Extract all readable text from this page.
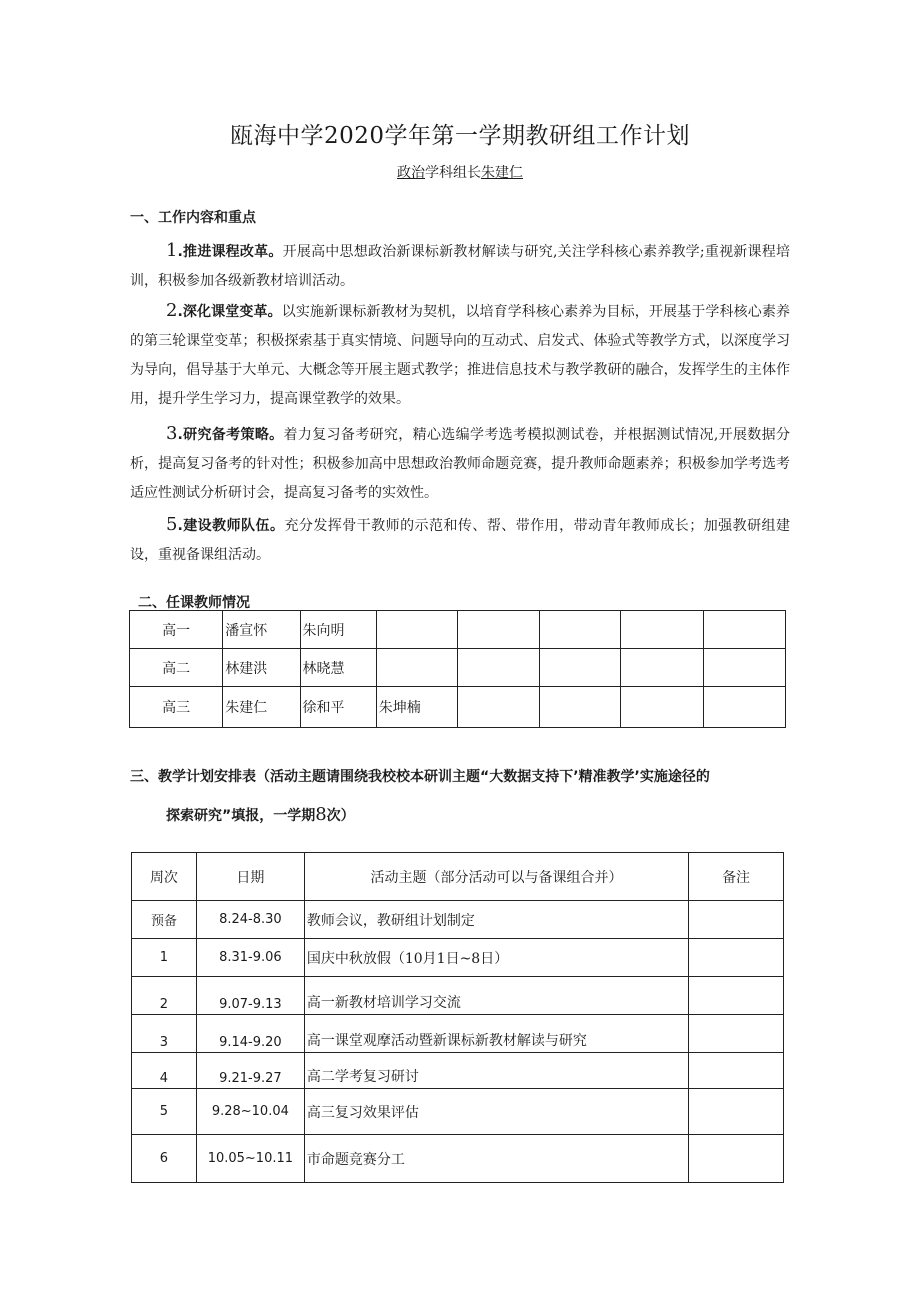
瓯海中学2020学年第一学期教研组工作计划
政治学科组长朱建仁
一、工作内容和重点
1.推进课程改革。开展高中思想政治新课标新教材解读与研究,关注学科核心素养教学;重视新课程培训，积极参加各级新教材培训活动。
2.深化课堂变革。以实施新课标新教材为契机，以培育学科核心素养为目标，开展基于学科核心素养的第三轮课堂变革；积极探索基于真实情境、问题导向的互动式、启发式、体验式等教学方式，以深度学习为导向，倡导基于大单元、大概念等开展主题式教学；推进信息技术与教学教研的融合，发挥学生的主体作用，提升学生学习力，提高课堂教学的效果。
3.研究备考策略。着力复习备考研究，精心选编学考选考模拟测试卷，并根据测试情况,开展数据分析，提高复习备考的针对性；积极参加高中思想政治教师命题竞赛，提升教师命题素养；积极参加学考选考适应性测试分析研讨会，提高复习备考的实效性。
5.建设教师队伍。充分发挥骨干教师的示范和传、帮、带作用，带动青年教师成长；加强教研组建设，重视备课组活动。
二、任课教师情况
高一	潘宣怀	朱向明					
高二	林建洪	林晓慧					
高三	朱建仁	徐和平	朱坤楠				
三、教学计划安排表（活动主题请围绕我校校本研训主题“大数据支持下’精准教学’实施途径的
探索研究”填报，一学期8次）
周次	日期	活动主题（部分活动可以与备课组合并）	备注
预备	8.24-8.30	教师会议，教研组计划制定	
1	8.31-9.06	国庆中秋放假（10月1日~8日）	
2	9.07-9.13	高一新教材培训学习交流	
3	9.14-9.20	高一课堂观摩活动暨新课标新教材解读与研究	
4	9.21-9.27	高二学考复习研讨	
5	9.28~10.04	高三复习效果评估	
6	10.05~10.11	市命题竞赛分工	
